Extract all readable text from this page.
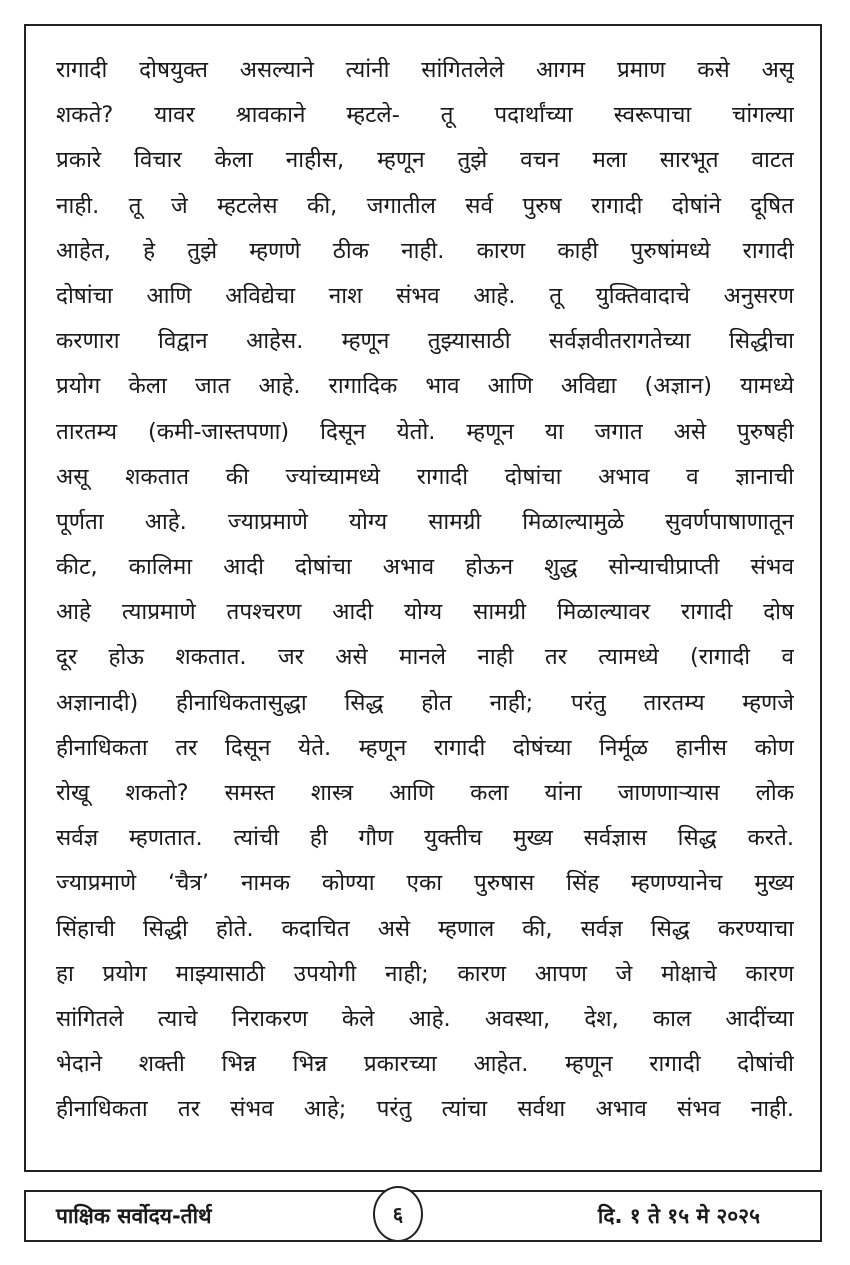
रागादी दोषयुक्त असल्याने त्यांनी सांगितलेले आगम प्रमाण कसे असू
शकते? यावर श्रावकाने म्हटले- तू पदार्थांच्या स्वरूपाचा चांगल्या
प्रकारे विचार केला नाहीस, म्हणून तुझे वचन मला सारभूत वाटत
नाही. तू जे म्हटलेस की, जगातील सर्व पुरुष रागादी दोषांने दूषित
आहेत, हे तुझे म्हणणे ठीक नाही. कारण काही पुरुषांमध्ये रागादी
दोषांचा आणि अविद्येचा नाश संभव आहे. तू युक्तिवादाचे अनुसरण
करणारा विद्वान आहेस. म्हणून तुझ्यासाठी सर्वज्ञवीतरागतेच्या सिद्धीचा
प्रयोग केला जात आहे. रागादिक भाव आणि अविद्या (अज्ञान) यामध्ये
तारतम्य (कमी-जास्तपणा) दिसून येतो. म्हणून या जगात असे पुरुषही
असू शकतात की ज्यांच्यामध्ये रागादी दोषांचा अभाव व ज्ञानाची
पूर्णता आहे. ज्याप्रमाणे योग्य सामग्री मिळाल्यामुळे सुवर्णपाषाणातून
कीट, कालिमा आदी दोषांचा अभाव होऊन शुद्ध सोन्याचीप्राप्ती संभव
आहे त्याप्रमाणे तपश्चरण आदी योग्य सामग्री मिळाल्यावर रागादी दोष
दूर होऊ शकतात. जर असे मानले नाही तर त्यामध्ये (रागादी व
अज्ञानादी) हीनाधिकतासुद्धा सिद्ध होत नाही; परंतु तारतम्य म्हणजे
हीनाधिकता तर दिसून येते. म्हणून रागादी दोषंच्या निर्मूळ हानीस कोण
रोखू शकतो? समस्त शास्त्र आणि कला यांना जाणणाऱ्यास लोक
सर्वज्ञ म्हणतात. त्यांची ही गौण युक्तीच मुख्य सर्वज्ञास सिद्ध करते.
ज्याप्रमाणे ‘चैत्र’ नामक कोण्या एका पुरुषास सिंह म्हणण्यानेच मुख्य
सिंहाची सिद्धी होते. कदाचित असे म्हणाल की, सर्वज्ञ सिद्ध करण्याचा
हा प्रयोग माझ्यासाठी उपयोगी नाही; कारण आपण जे मोक्षाचे कारण
सांगितले त्याचे निराकरण केले आहे. अवस्था, देश, काल आदींच्या
भेदाने शक्ती भिन्न भिन्न प्रकारच्या आहेत. म्हणून रागादी दोषांची
हीनाधिकता तर संभव आहे; परंतु त्यांचा सर्वथा अभाव संभव नाही.
पाक्षिक सर्वोदय-तीर्थ	दि. १ ते १५ मे २०२५
६
